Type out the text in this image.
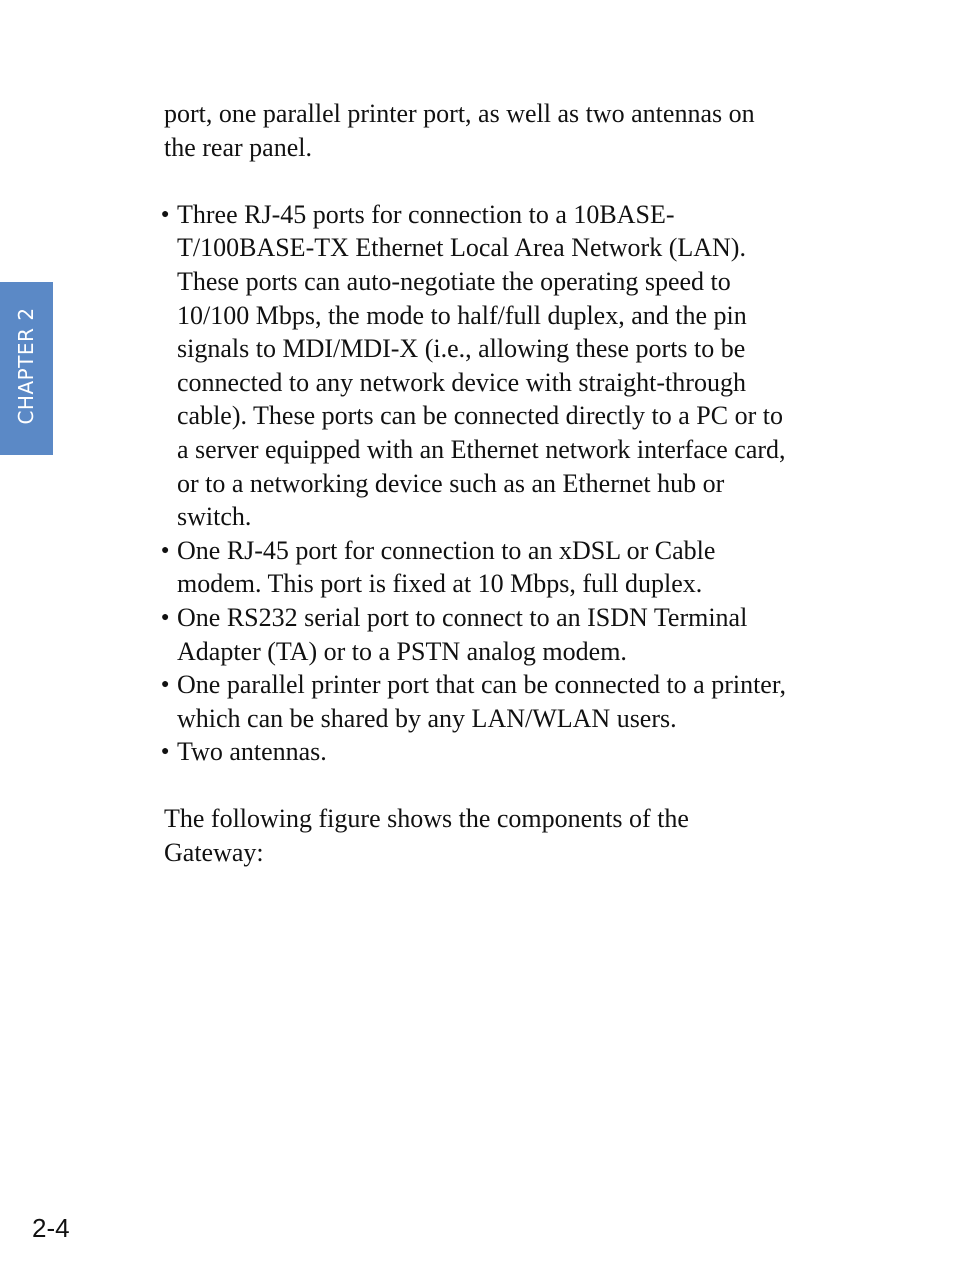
CHAPTER 2
port, one parallel printer port, as well as two antennas on
the rear panel.
● Three RJ-45 ports for connection to a 10BASE-
T/100BASE-TX Ethernet Local Area Network (LAN).
These ports can auto-negotiate the operating speed to
10/100 Mbps, the mode to half/full duplex, and the pin
signals to MDI/MDI-X (i.e., allowing these ports to be
connected to any network device with straight-through
cable). These ports can be connected directly to a PC or to
a server equipped with an Ethernet network interface card,
or to a networking device such as an Ethernet hub or
switch.
● One RJ-45 port for connection to an xDSL or Cable
modem. This port is fixed at 10 Mbps, full duplex.
● One RS232 serial port to connect to an ISDN Terminal
Adapter (TA) or to a PSTN analog modem.
● One parallel printer port that can be connected to a printer,
which can be shared by any LAN/WLAN users.
● Two antennas.
The following figure shows the components of the
Gateway:
2-4
